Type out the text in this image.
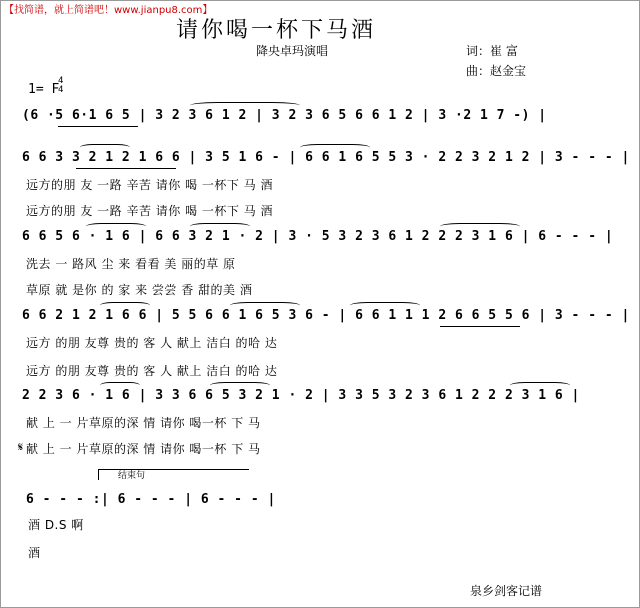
【找简谱，就上简谱吧！www.jianpu8.com】
请你喝一杯下马酒
降央卓玛演唱	词：崔 富
曲：赵金宝
1= F
4
4
(6 ·5 6·1 6 5 | 3 2 3 6 1 2 | 3 2 3 6 5 6 6 1 2 | 3 ·2 1 7 -) |
6 6 3 3 2 1 2 1 6 6 | 3 5 1 6 - | 6 6 1 6 5 5 3 · 2 2 3 2 1 2 | 3 - - - |
远方的朋 友 一路 辛苦 请你 喝 一杯下 马 酒
远方的朋 友 一路 辛苦 请你 喝 一杯下 马 酒
6 6 5 6 · 1 6 | 6 6 3 2 1 · 2 | 3 · 5 3 2 3 6 1 2 2 2 3 1 6 | 6 - - - |
洗去 一 路风 尘 来 看看 美 丽的草 原
草原 就 是你 的 家 来 尝尝 香 甜的美 酒
6 6 2 1 2 1 6 6 | 5 5 6 6 1 6 5 3 6 - | 6 6 1 1 1 2 6 6 5 5 6 | 3 - - - |
远方 的朋 友尊 贵的 客 人 献上 洁白 的哈 达
远方 的朋 友尊 贵的 客 人 献上 洁白 的哈 达
2 2 3 6 · 1 6 | 3 3 6 6 5 3 2 1 · 2 | 3 3 5 3 2 3 6 1 2 2 2 3 1 6 |
献 上 一 片草原的深 情 请你 喝一杯 下 马
𝄋 献 上 一 片草原的深 情 请你 喝一杯 下 马
结束句
6 - - - :| 6 - - - | 6 - - - |
酒 D.S 啊
酒
泉乡剑客记谱
